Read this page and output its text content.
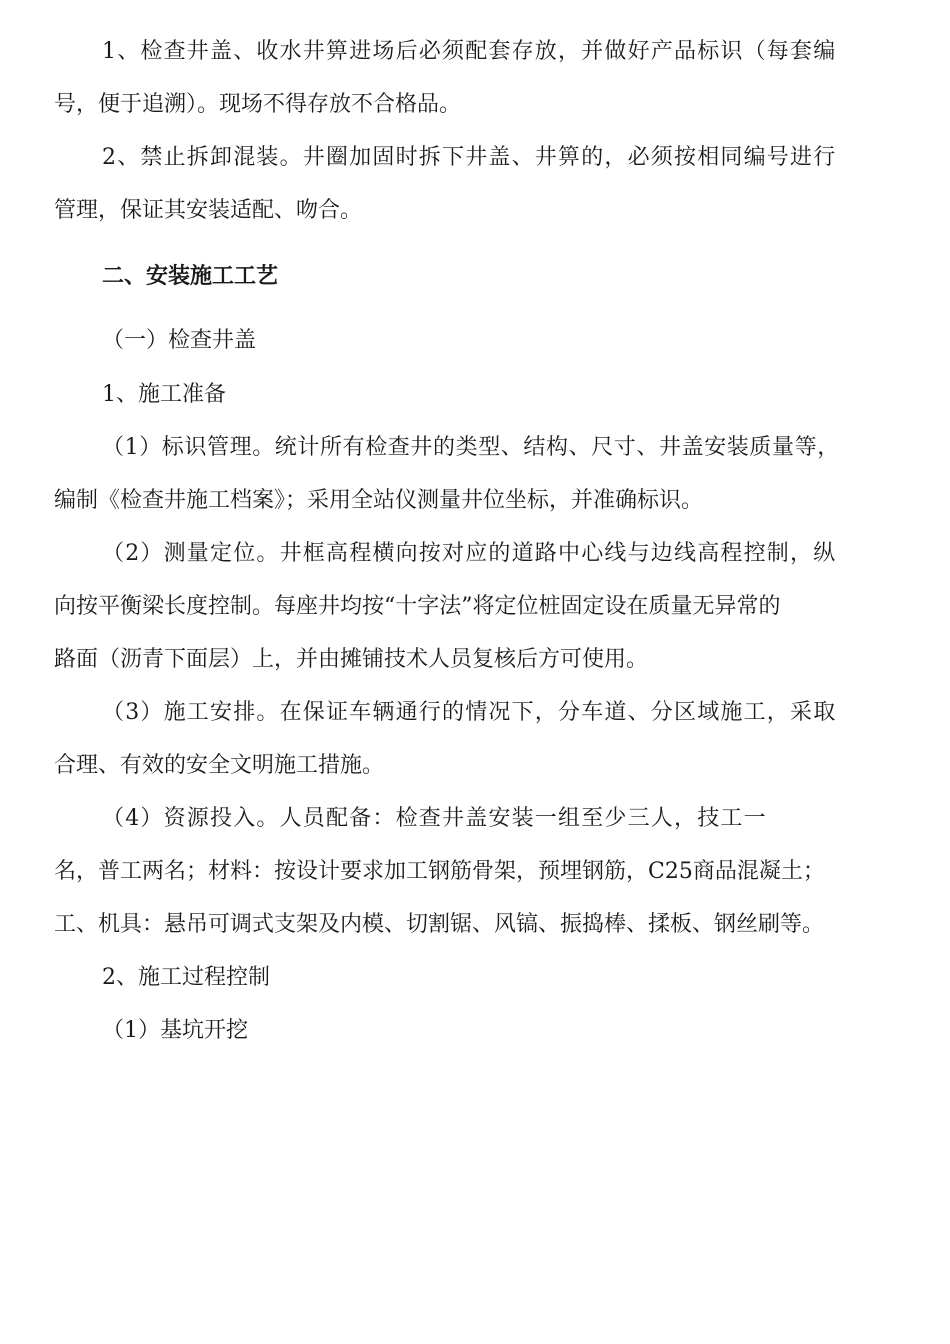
1、检查井盖、收水井箅进场后必须配套存放，并做好产品标识（每套编
号，便于追溯）。现场不得存放不合格品。
2、禁止拆卸混装。井圈加固时拆下井盖、井箅的，必须按相同编号进行
管理，保证其安装适配、吻合。
二、安装施工工艺
（一）检查井盖
1、施工准备
（1）标识管理。统计所有检查井的类型、结构、尺寸、井盖安装质量等，
编制《检查井施工档案》；采用全站仪测量井位坐标，并准确标识。
（2）测量定位。井框高程横向按对应的道路中心线与边线高程控制，纵
向按平衡梁长度控制。每座井均按“十字法”将定位桩固定设在质量无异常的
路面（沥青下面层）上，并由摊铺技术人员复核后方可使用。
（3）施工安排。在保证车辆通行的情况下，分车道、分区域施工，采取
合理、有效的安全文明施工措施。
（4）资源投入。人员配备：检查井盖安装一组至少三人，技工一
名，普工两名；材料：按设计要求加工钢筋骨架，预埋钢筋，C25商品混凝土；
工、机具：悬吊可调式支架及内模、切割锯、风镐、振捣棒、揉板、钢丝刷等。
2、施工过程控制
（1）基坑开挖
